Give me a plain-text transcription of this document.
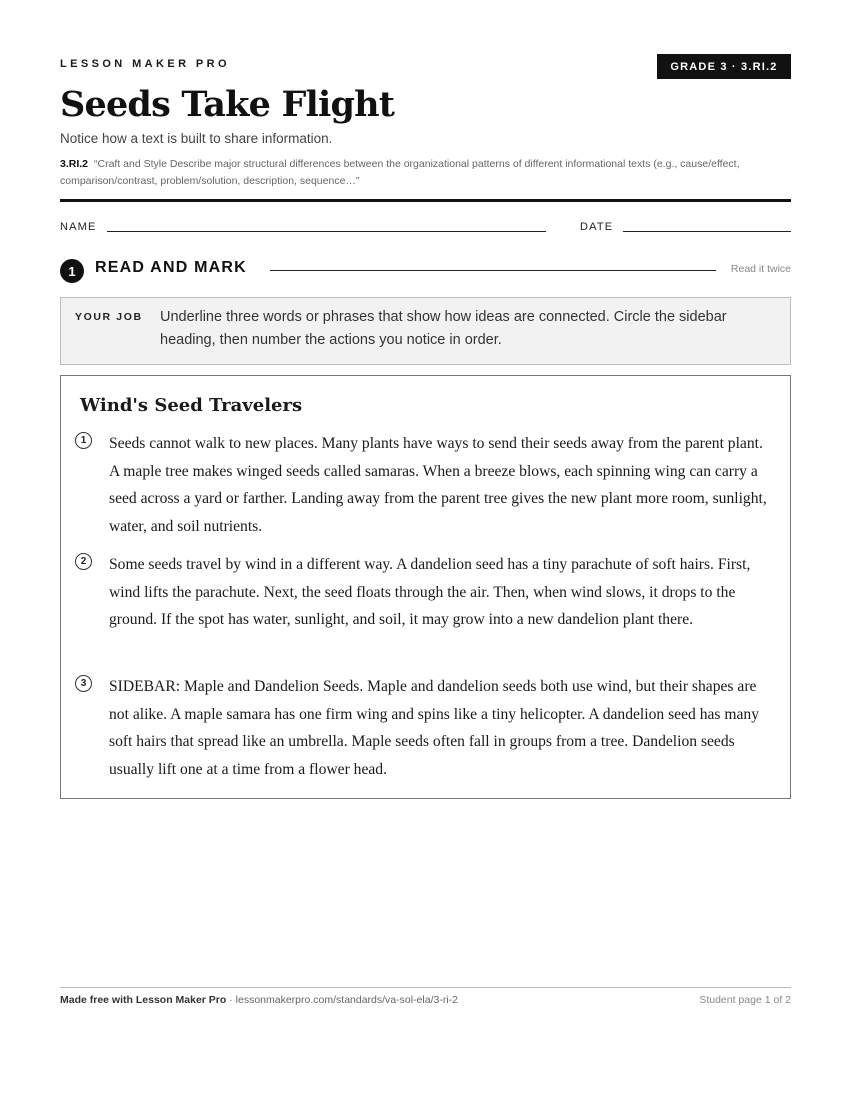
LESSON MAKER PRO	GRADE 3 · 3.RI.2
Seeds Take Flight
Notice how a text is built to share information.
3.RI.2 “Craft and Style Describe major structural differences between the organizational patterns of different informational texts (e.g., cause/effect, comparison/contrast, problem/solution, description, sequence…”
NAME	DATE
1	READ AND MARK	Read it twice
YOUR JOB Underline three words or phrases that show how ideas are connected. Circle the sidebar heading, then number the actions you notice in order.
Wind's Seed Travelers
1	Seeds cannot walk to new places. Many plants have ways to send their seeds away from the parent plant. A maple tree makes winged seeds called samaras. When a breeze blows, each spinning wing can carry a seed across a yard or farther. Landing away from the parent tree gives the new plant more room, sunlight, water, and soil nutrients.

2	Some seeds travel by wind in a different way. A dandelion seed has a tiny parachute of soft hairs. First, wind lifts the parachute. Next, the seed floats through the air. Then, when wind slows, it drops to the ground. If the spot has water, sunlight, and soil, it may grow into a new dandelion plant there.

3	SIDEBAR: Maple and Dandelion Seeds. Maple and dandelion seeds both use wind, but their shapes are not alike. A maple samara has one firm wing and spins like a tiny helicopter. A dandelion seed has many soft hairs that spread like an umbrella. Maple seeds often fall in groups from a tree. Dandelion seeds usually lift one at a time from a flower head.

Made free with Lesson Maker Pro · lessonmakerpro.com/standards/va-sol-ela/3-ri-2	Student page 1 of 2
